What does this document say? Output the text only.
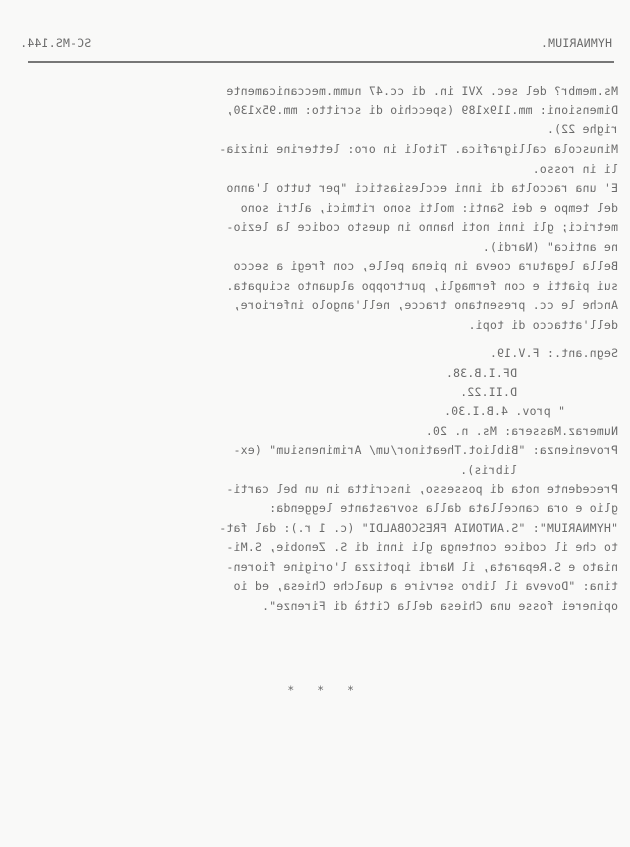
HYMNARIUM.
SC-MS.144.
Ms.membr? del sec. XVI in. di cc.47 numm.meccanicamente
Dimensioni: mm.119x189 (specchio di scritto: mm.95x130,
righe 22).
Minuscola calligrafica. Titoli in oro: letterine inizia-
li in rosso.
E' una raccolta di inni ecclesiastici "per tutto l'anno
del tempo e dei Santi: molti sono ritmici, altri sono
metrici; gli inni noti hanno in questo codice la lezio-
ne antica" (Nardi).
Bella legatura coeva in piena pelle, con fregi a secco
sui piatti e con fermagli, purtroppo alquanto sciupata.
Anche le cc. presentano tracce, nell'angolo inferiore,
dell'attacco di topi.
Segn.ant.: F.V.19.
DF.I.B.38.
D.II.22.
" prov. 4.B.I.30.
Numeraz.Massera: Ms. n. 20.
Provenienza: "Bibliot.Theatinor/um/ Ariminensium" (ex-
libris).
Precedente nota di possesso, inscritta in un bel carti-
glio e ora cancellata dalla sovrastante leggenda:
"HYMNARIUM": "S.ANTONIA FRESCOBALDI" (c. 1 r.): dal fat-
to che il codice contenga gli inni di S. Zenobie, S.Mi-
niato e S.Reparata, il Nardi ipotizza l'origine fioren-
tina: "Doveva il libro servire a qualche Chiesa, ed io
opinerei fosse una Chiesa della Città di Firenze".
* * *
